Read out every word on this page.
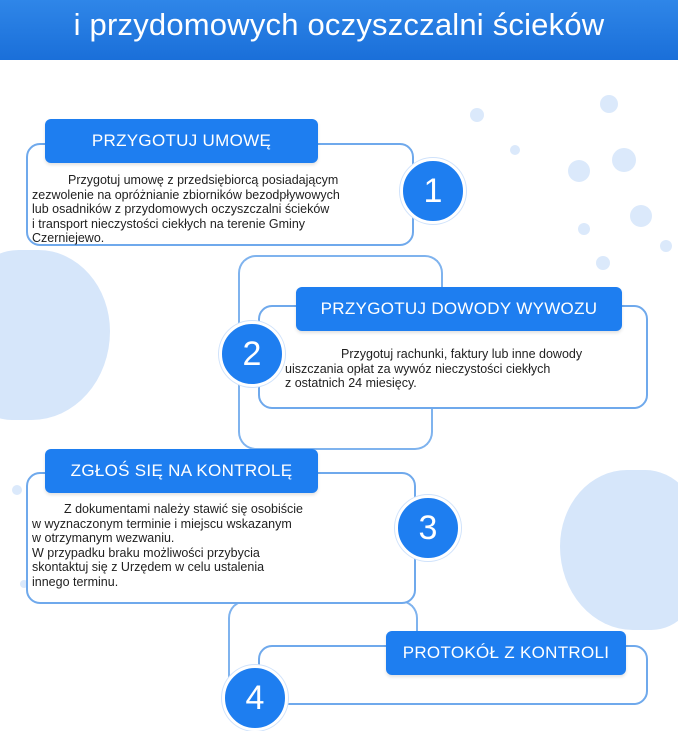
i przydomowych oczyszczalni ścieków
PRZYGOTUJ UMOWĘ
Przygotuj umowę z przedsiębiorcą posiadającym
zezwolenie na opróżnianie zbiorników bezodpływowych
lub osadników z przydomowych oczyszczalni ścieków
i transport nieczystości ciekłych na terenie Gminy
Czerniejewo.
1
PRZYGOTUJ DOWODY WYWOZU
Przygotuj rachunki, faktury lub inne dowody
uiszczania opłat za wywóz nieczystości ciekłych
z ostatnich 24 miesięcy.
2
ZGŁOŚ SIĘ NA KONTROLĘ
Z dokumentami należy stawić się osobiście
w wyznaczonym terminie i miejscu wskazanym
w otrzymanym wezwaniu.
W przypadku braku możliwości przybycia
skontaktuj się z Urzędem w celu ustalenia
innego terminu.
3
PROTOKÓŁ Z KONTROLI
4
